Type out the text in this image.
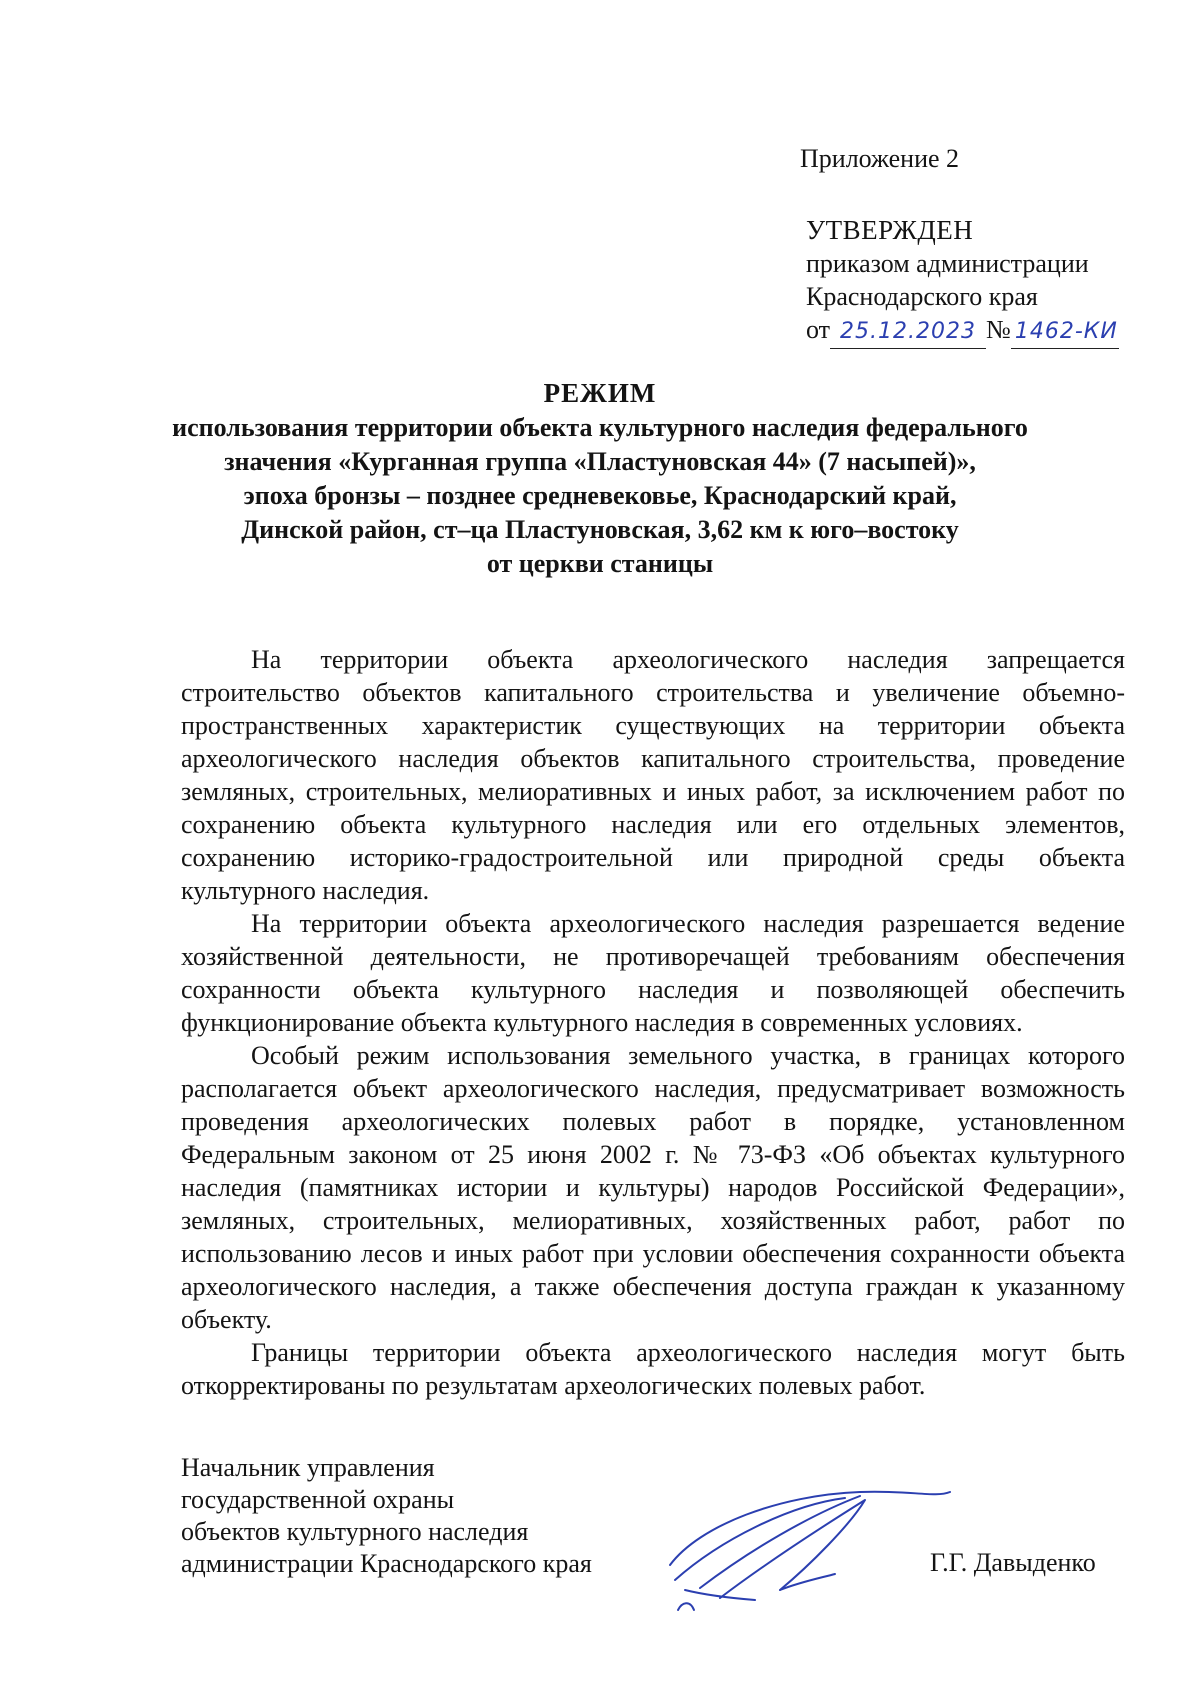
Приложение 2
УТВЕРЖДЕН
приказом администрации
Краснодарского края
от 25.12.2023 № 1462-КИ
РЕЖИМ
использования территории объекта культурного наследия федерального
значения «Курганная группа «Пластуновская 44» (7 насыпей)»,
эпоха бронзы – позднее средневековье, Краснодарский край,
Динской район, ст–ца Пластуновская, 3,62 км к юго–востоку
от церкви станицы

На территории объекта археологического наследия запрещается строительство объектов капитального строительства и увеличение объемно-пространственных характеристик существующих на территории объекта археологического наследия объектов капитального строительства, проведение земляных, строительных, мелиоративных и иных работ, за исключением работ по сохранению объекта культурного наследия или его отдельных элементов, сохранению историко-градостроительной или природной среды объекта культурного наследия.

На территории объекта археологического наследия разрешается ведение хозяйственной деятельности, не противоречащей требованиям обеспечения сохранности объекта культурного наследия и позволяющей обеспечить функционирование объекта культурного наследия в современных условиях.

Особый режим использования земельного участка, в границах которого располагается объект археологического наследия, предусматривает возможность проведения археологических полевых работ в порядке, установленном Федеральным законом от 25 июня 2002 г. № 73-ФЗ «Об объектах культурного наследия (памятниках истории и культуры) народов Российской Федерации», земляных, строительных, мелиоративных, хозяйственных работ, работ по использованию лесов и иных работ при условии обеспечения сохранности объекта археологического наследия, а также обеспечения доступа граждан к указанному объекту.

Границы территории объекта археологического наследия могут быть откорректированы по результатам археологических полевых работ.

Начальник управления
государственной охраны
объектов культурного наследия
администрации Краснодарского края	Г.Г. Давыденко
